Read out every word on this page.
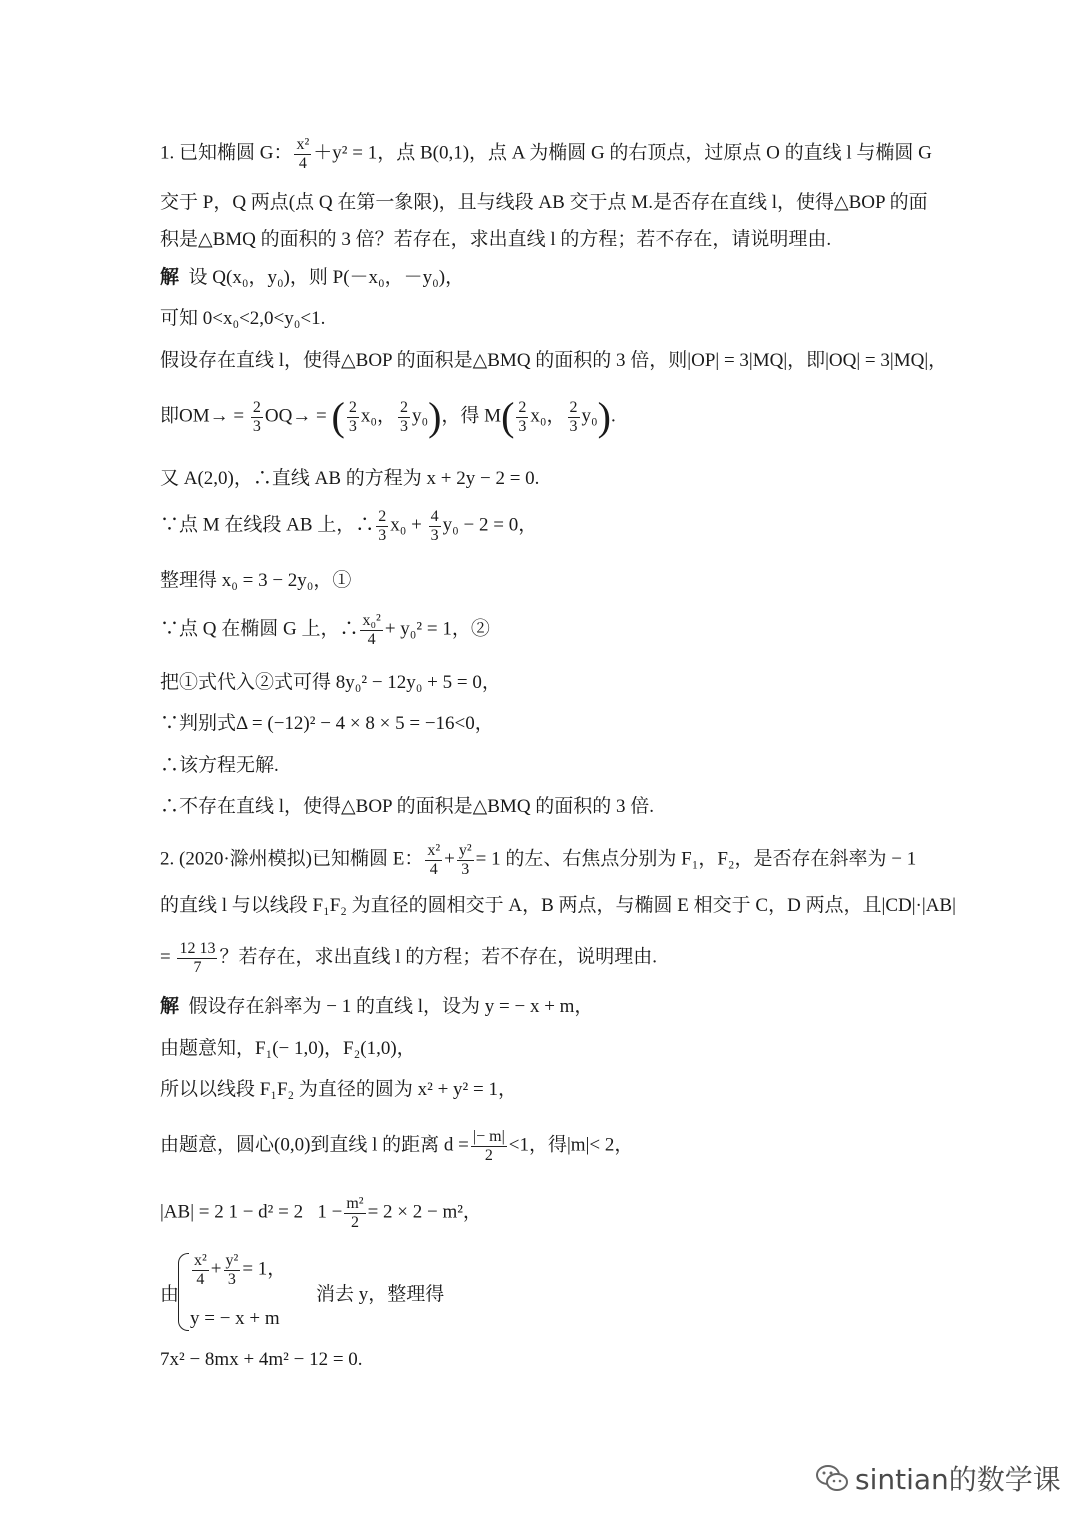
1. 已知椭圆 G： $\frac{\text{x²}}{4} +y^2 = 1$，点 B(0,1)，点 A 为椭圆 G 的右顶点，过原点 O 的直线 l 与椭圆 G
交于 P，Q 两点(点 Q 在第一象限)，且与线段 AB 交于点 M.是否存在直线 l，使得△BOP 的面
积是△BMQ 的面积的 3 倍？若存在，求出直线 l 的方程；若不存在，请说明理由.
解 设 Q(x₀，y₀)，则 P(－x₀，－y₀)，
可知 0<x₀<2,0<y₀<1.
假设存在直线 l，使得△BOP 的面积是△BMQ 的面积的 3 倍，则|OP| = 3|MQ|，即|OQ| = 3|MQ|，
即$OM\to = \frac{2}{3} OQ\to$ = ( $\frac{2}{3} x_0$， $\frac{2}{3} y_0$)，得 $M( \frac{2}{3} x_0$， $\frac{2}{3} y_0$).
又 A(2,0)，∴直线 AB 的方程为 x + 2y − 2 = 0.
∵点 M 在线段 AB 上，∴ $\frac{2}{3} x_0 + \frac{4}{3} y_0 - 2 = 0$，
整理得 x₀ = 3 − 2y₀，①
∵点 Q 在椭圆 G 上，∴ $\frac{\text{x₀²}}{4} + y_0^2 = 1$，②
把①式代入②式可得 8y₀² − 12y₀ + 5 = 0，
∵判别式Δ = (−12)² − 4 × 8 × 5 = −16<0，
∴该方程无解.
∴不存在直线 l，使得△BOP 的面积是△BMQ 的面积的 3 倍.
2. (2020·滁州模拟)已知椭圆 E： $\frac{\text{x²}}{4} + \frac{\text{y²}}{3} = 1$ 的左、右焦点分别为 F₁，F₂，是否存在斜率为 − 1
的直线 l 与以线段 F₁F₂ 为直径的圆相交于 A，B 两点，与椭圆 E 相交于 C，D 两点，且|CD|·|AB|
= $\frac{12 13}{7}$ ？若存在，求出直线 l 的方程；若不存在，说明理由.
解 假设存在斜率为 − 1 的直线 l，设为 y = − x + m，
由题意知，F₁(− 1,0)，F₂(1,0)，
所以以线段 F₁F₂ 为直径的圆为 x² + y² = 1，
由题意，圆心(0,0)到直线 l 的距离 $d = \frac{|- m|}{2} <1$，得|m|< 2，
|AB| = 2 1 − d² = 2 $1 - \frac{\text{m²}}{2} = 2 \times 2 - m^2$，
由
$\frac{\text{x²}}{4} + \frac{\text{y²}}{3} = 1$，
y = − x + m
消去 y，整理得
7x² − 8mx + 4m² − 12 = 0.
sintian的数学课
